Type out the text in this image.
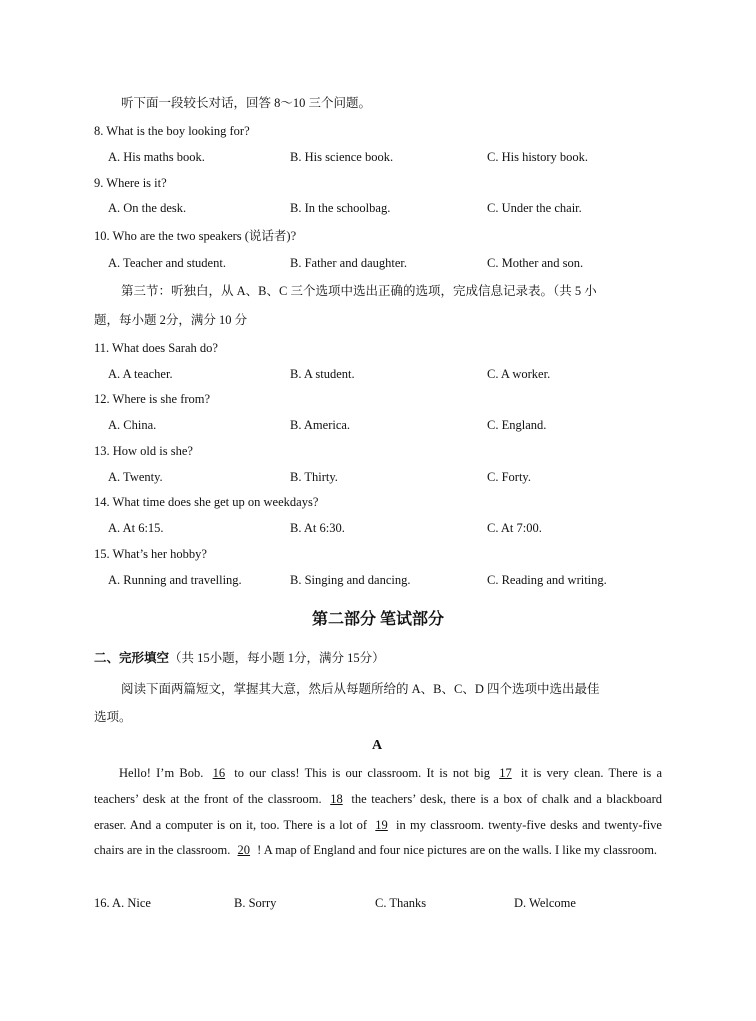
听下面一段较长对话，回答 8～10 三个问题。
8. What is the boy looking for?
A. His maths book.	B. His science book.	C. His history book.
9. Where is it?
A. On the desk.	B. In the schoolbag.	C. Under the chair.
10. Who are the two speakers (说话者)?
A. Teacher and student.	B. Father and daughter.	C. Mother and son.
第三节：听独白，从 A、B、C 三个选项中选出正确的选项，完成信息记录表。（共 5 小
题，每小题 2分，满分 10 分
11. What does Sarah do?
A. A teacher.	B. A student.	C. A worker.
12. Where is she from?
A. China.	B. America.	C. England.
13. How old is she?
A. Twenty.	B. Thirty.	C. Forty.
14. What time does she get up on weekdays?
A. At 6:15.	B. At 6:30.	C. At 7:00.
15. What’s her hobby?
A. Running and travelling.	B. Singing and dancing.	C. Reading and writing.
第二部分 笔试部分
二、完形填空（共 15小题，每小题 1分，满分 15分）
阅读下面两篇短文，掌握其大意，然后从每题所给的 A、B、C、D 四个选项中选出最佳
选项。
A

Hello! I’m Bob. 16 to our class! This is our classroom. It is not big 17 it is very clean. There is a teachers’ desk at the front of the classroom. 18 the teachers’ desk, there is a box of chalk and a blackboard eraser. And a computer is on it, too. There is a lot of 19 in my classroom. twenty-five desks and twenty-five chairs are in the classroom. 20 ! A map of England and four nice pictures are on the walls. I like my classroom.

16. A. Nice	B. Sorry	C. Thanks	D. Welcome
